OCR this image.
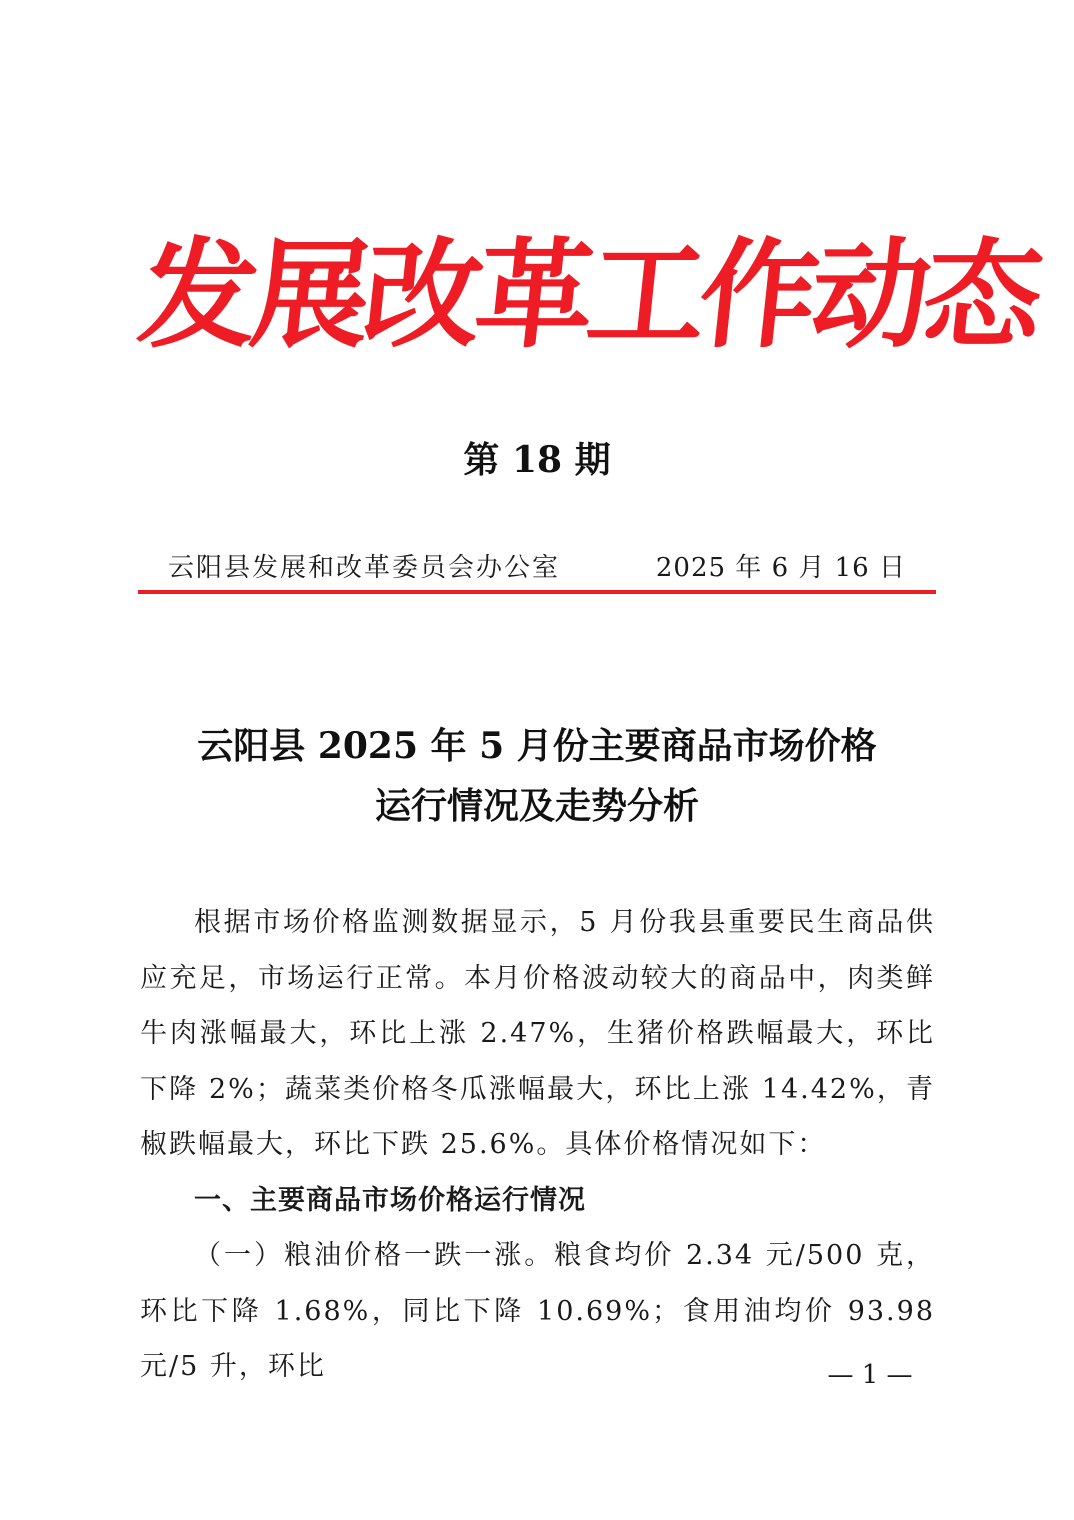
发展改革工作动态
第 18 期
云阳县发展和改革委员会办公室	2025 年 6 月 16 日
云阳县 2025 年 5 月份主要商品市场价格
运行情况及走势分析

根据市场价格监测数据显示，5 月份我县重要民生商品供应充足，市场运行正常。本月价格波动较大的商品中，肉类鲜牛肉涨幅最大，环比上涨 2.47%，生猪价格跌幅最大，环比下降 2%；蔬菜类价格冬瓜涨幅最大，环比上涨 14.42%，青椒跌幅最大，环比下跌 25.6%。具体价格情况如下：

一、主要商品市场价格运行情况

（一）粮油价格一跌一涨。粮食均价 2.34 元/500 克，环比下降 1.68%，同比下降 10.69%；食用油均价 93.98 元/5 升，环比	— 1 —
